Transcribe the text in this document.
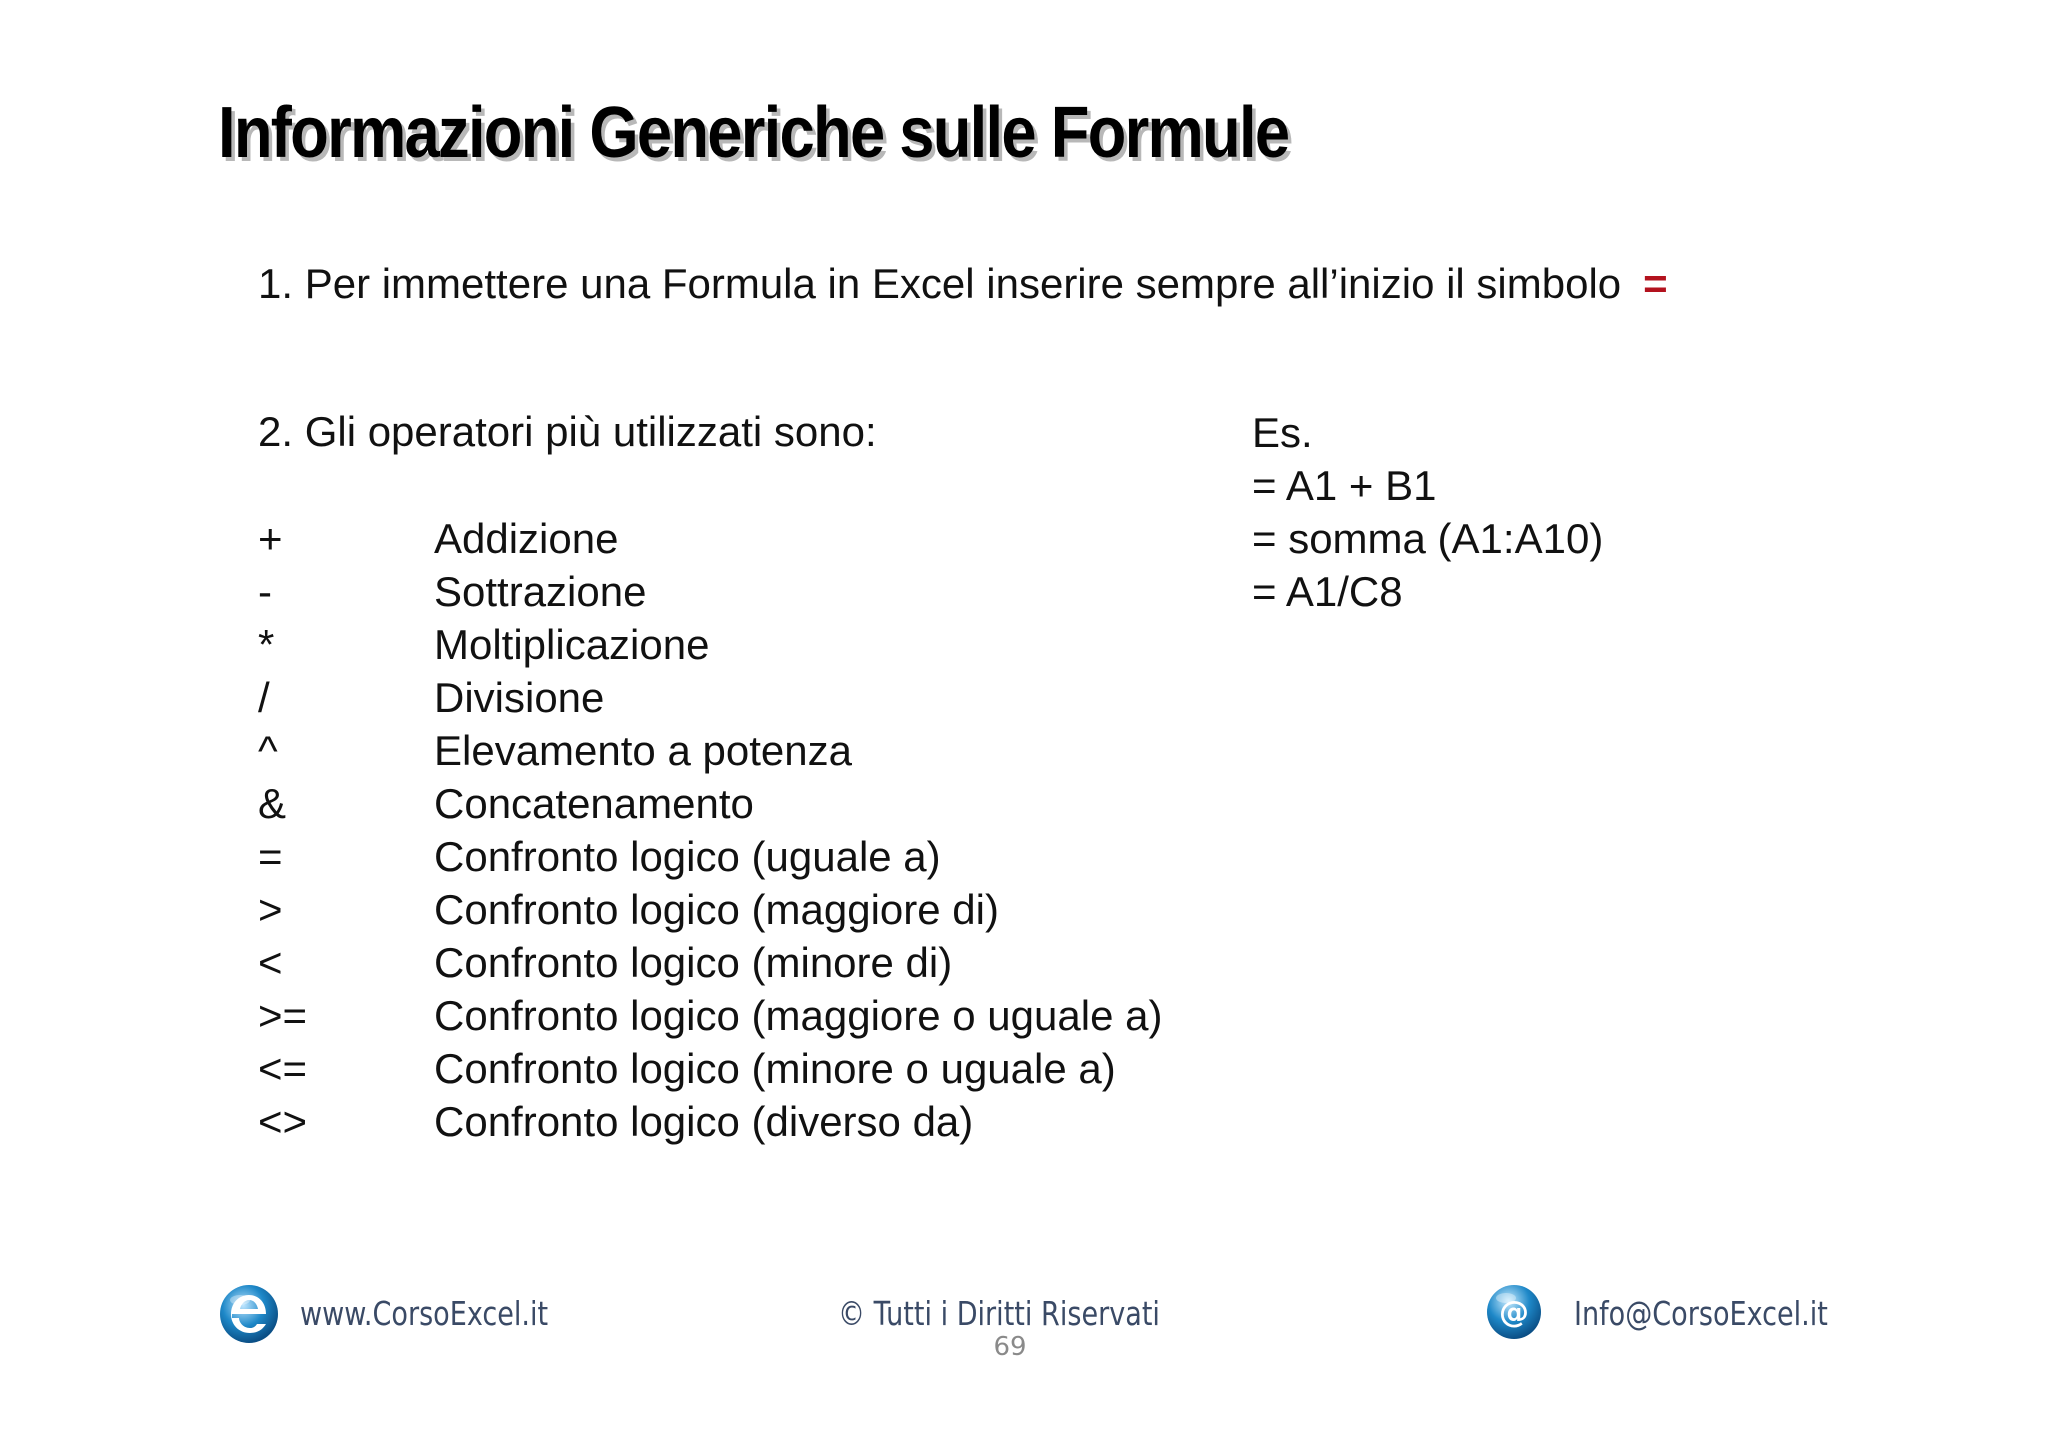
Informazioni Generiche sulle Formule
1. Per immettere una Formula in Excel inserire sempre all’inizio il simbolo =
2. Gli operatori più utilizzati sono:
+	Addizione
-	Sottrazione
*	Moltiplicazione
/	Divisione
^	Elevamento a potenza
&	Concatenamento
=	Confronto logico (uguale a)
>	Confronto logico (maggiore di)
<	Confronto logico (minore di)
>=	Confronto logico (maggiore o uguale a)
<=	Confronto logico (minore o uguale a)
<>	Confronto logico (diverso da)
Es.
= A1 + B1
= somma (A1:A10)
= A1/C8
www.CorsoExcel.it	© Tutti i Diritti Riservati
69
@ Info@CorsoExcel.it
